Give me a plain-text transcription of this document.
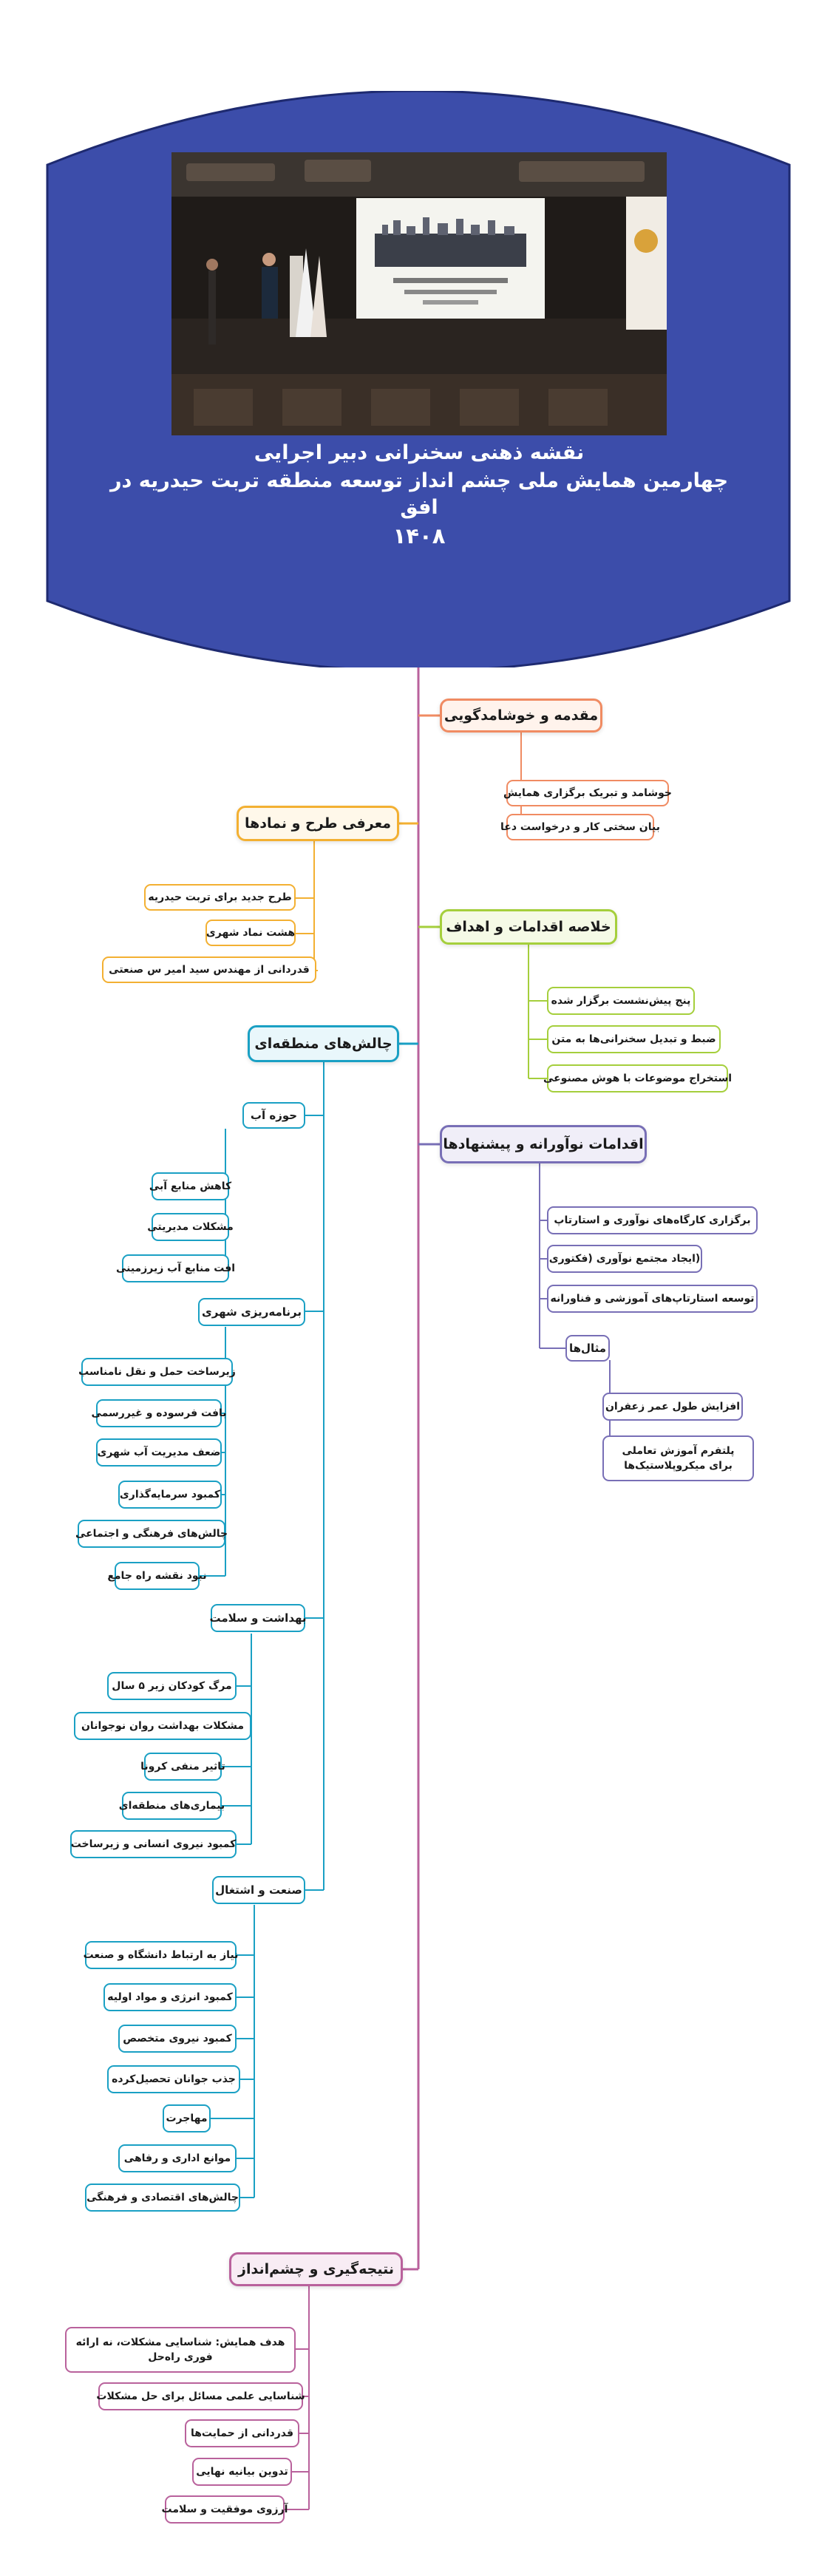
نقشه ذهنی سخنرانی دبیر اجرایی
چهارمین همایش ملی چشم انداز توسعه منطقه تربت حیدریه در افق
۱۴۰۸
مقدمه و خوشامدگویی
خوشامد و تبریک برگزاری همایش
بیان سختی کار و درخواست دعا
معرفی طرح و نمادها
طرح جدید برای تربت حیدریه
هشت نماد شهری
قدردانی از مهندس سید امیر س صنعتی
خلاصه اقدامات و اهداف
پنج پیش‌نشست برگزار شده
ضبط و تبدیل سخنرانی‌ها به متن
استخراج موضوعات با هوش مصنوعی
چالش‌های منطقه‌ای
حوزه آب
کاهش منابع آبی
مشکلات مدیریتی
افت منابع آب زیرزمینی
برنامه‌ریزی شهری
زیرساخت حمل و نقل نامناسب
بافت فرسوده و غیررسمی
ضعف مدیریت آب شهری
کمبود سرمایه‌گذاری
چالش‌های فرهنگی و اجتماعی
نبود نقشه راه جامع
بهداشت و سلامت
مرگ کودکان زیر ۵ سال
مشکلات بهداشت روان نوجوانان
تاثیر منفی کرونا
بیماری‌های منطقه‌ای
کمبود نیروی انسانی و زیرساخت
صنعت و اشتغال
نیاز به ارتباط دانشگاه و صنعت
کمبود انرژی و مواد اولیه
کمبود نیروی متخصص
جذب جوانان تحصیل‌کرده
مهاجرت
موانع اداری و رفاهی
چالش‌های اقتصادی و فرهنگی
اقدامات نوآورانه و پیشنهادها
برگزاری کارگاه‌های نوآوری و استارتاپ
(ایجاد مجتمع نوآوری (فکتوری
توسعه استارتاپ‌های آموزشی و فناورانه
مثال‌ها
افزایش طول عمر زعفران
پلتفرم آموزش تعاملی برای میکروپلاستیک‌ها
نتیجه‌گیری و چشم‌انداز
هدف همایش: شناسایی مشکلات، نه ارائه فوری راه‌حل
شناسایی علمی مسائل برای حل مشکلات
قدردانی از حمایت‌ها
تدوین بیانیه نهایی
آرزوی موفقیت و سلامت
